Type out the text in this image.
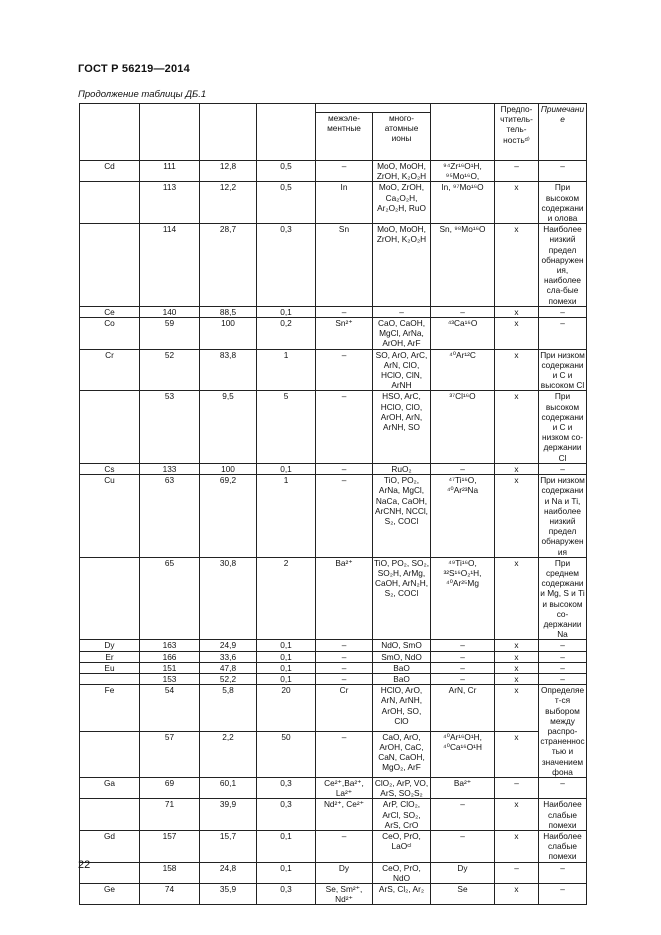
ГОСТ Р 56219—2014
Продолжение таблицы ДБ.1
							Предпо-
чтитель-
тель-
ностьᵈ⁾	Примечание
				межэле-
ментные	много-
атомные
ионы			
Cd	111	12,8	0,5	–	MoO, MoOH, ZrOH, K₂O₂H	⁹⁴Zr¹⁶O¹H, ⁹⁵Mo¹⁶O,	–	–
	113	12,2	0,5	In	MoO, ZrOH, Ca₂O₂H, Ar₂O₂H, RuO	In, ⁹⁷Mo¹⁶O	x	При высоком содержании олова
	114	28,7	0,3	Sn	MoO, MoOH, ZrOH, K₂O₂H	Sn, ⁹⁸Mo¹⁶O	x	Наиболее низкий предел обнаружения, наиболее сла-бые помехи
Ce	140	88,5	0,1	–	–	–	x	–
Co	59	100	0,2	Sn²⁺	CaO, CaOH, MgCl, ArNa, ArOH, ArF	⁴³Ca¹⁶O	x	–
Cr	52	83,8	1	–	SO, ArO, ArC, ArN, ClO, HClO, ClN, ArNH	⁴⁰Ar¹²C	x	При низком содержании C и высоком Cl
	53	9,5	5	–	HSO, ArC, HClO, ClO, ArOH, ArN, ArNH, SO	³⁷Cl¹⁶O	x	При высоком содержании C и низком со-держании Cl
Cs	133	100	0,1	–	RuO₂	–	x	–
Cu	63	69,2	1	–	TiO, PO₂, ArNa, MgCl, NaCa, CaOH, ArCNH, NCCl, S₂, COCl	⁴⁷Ti¹⁶O, ⁴⁰Ar²³Na	x	При низком содержании Na и Ti, наиболее низкий предел обнаружения
	65	30,8	2	Ba²⁺	TiO, PO₂, SO₂, SO₂H, ArMg, CaOH, ArN₂H, S₂, COCl	⁴⁹Ti¹⁶O, ³²S¹⁶O₂¹H, ⁴⁰Ar²⁵Mg	x	При среднем содержании Mg, S и Ti и высоком со-держании Na
Dy	163	24,9	0,1	–	NdO, SmO	–	x	–
Er	166	33,6	0,1	–	SmO, NdO	–	x	–
Eu	151	47,8	0,1	–	BaO	–	x	–
	153	52,2	0,1	–	BaO	–	x	–
Fe	54	5,8	20	Cr	HClO, ArO, ArN, ArNH, ArOH, SO, ClO	ArN, Cr	x	Определяет-ся выбором между распро-страненностью и значением фона
	57	2,2	50	–	CaO, ArO, ArOH, CaC, CaN, CaOH, MgO₂, ArF	⁴⁰Ar¹⁶O¹H, ⁴⁰Ca¹⁶O¹H	x	
Ga	69	60,1	0,3	Ce²⁺,Ba²⁺, La²⁺	ClO₂, ArP, VO, ArS, SO₂S₂	Ba²⁺	–	–
	71	39,9	0,3	Nd²⁺, Ce²⁺	ArP, ClO₂, ArCl, SO₂, ArS, CrO	–	x	Наиболее слабые помехи
Gd	157	15,7	0,1	–	CeO, PrO, LaOᶜˡ	–	x	Наиболее слабые помехи
	158	24,8	0,1	Dy	CeO, PrO, NdO	Dy	–	–
Ge	74	35,9	0,3	Se, Sm²⁺, Nd²⁺	ArS, Cl₂, Ar₂	Se	x	–
22
